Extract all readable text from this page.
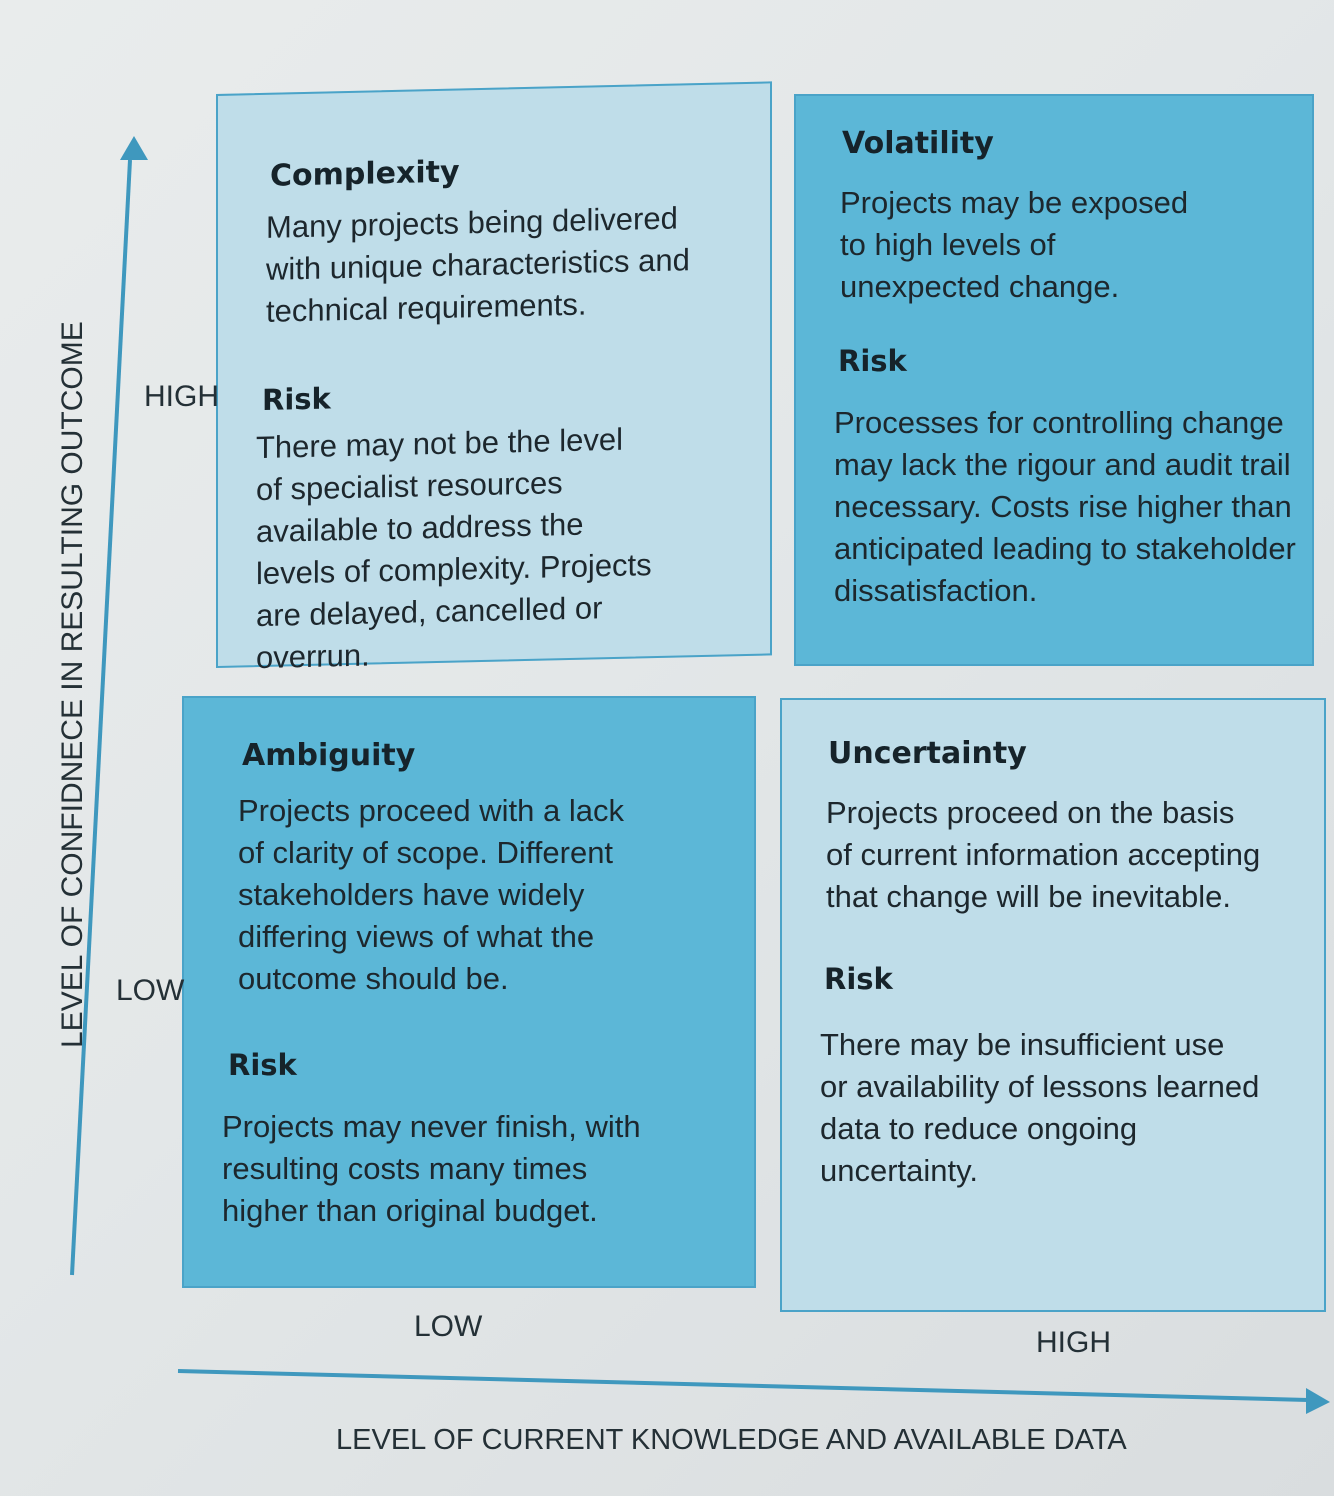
Complexity

Many projects being delivered with unique characteristics and technical requirements.

Risk

There may not be the level of specialist resources available to address the levels of complexity. Projects are delayed, cancelled or overrun.

Volatility

Projects may be exposed to high levels of unexpected change.

Risk

Processes for controlling change may lack the rigour and audit trail necessary. Costs rise higher than anticipated leading to stakeholder dissatisfaction.

Ambiguity

Projects proceed with a lack of clarity of scope. Different stakeholders have widely differing views of what the outcome should be.

Risk

Projects may never finish, with resulting costs many times higher than original budget.

Uncertainty

Projects proceed on the basis of current information accepting that change will be inevitable.

Risk

There may be insufficient use or availability of lessons learned data to reduce ongoing uncertainty.

LEVEL OF CONFIDNECE IN RESULTING OUTCOME HIGH
LOW
LOW	HIGH
LEVEL OF CURRENT KNOWLEDGE AND AVAILABLE DATA
